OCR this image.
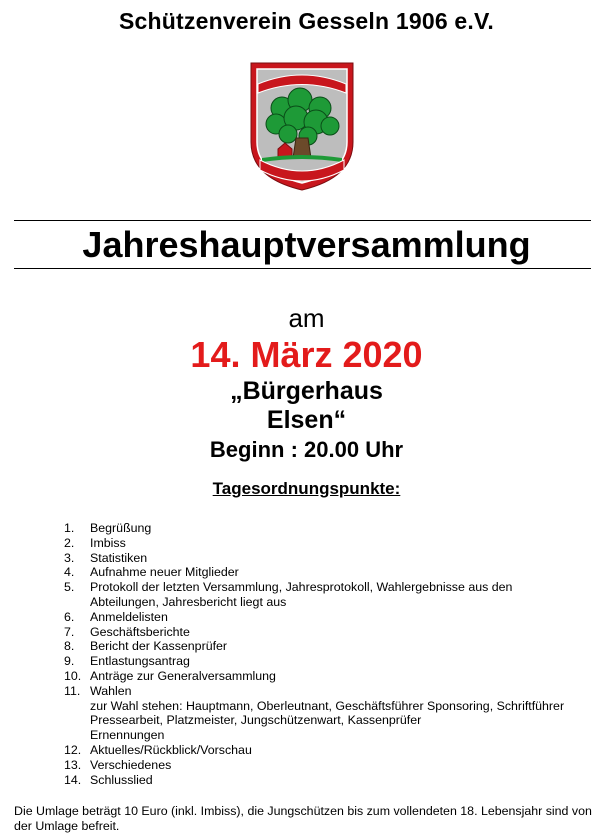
Schützenverein Gesseln 1906 e.V.
Jahreshauptversammlung
am
14. März 2020
„Bürgerhaus
Elsen“
Beginn : 20.00 Uhr
Tagesordnungspunkte:
1.	Begrüßung
2.	Imbiss
3.	Statistiken
4.	Aufnahme neuer Mitglieder
5.	Protokoll der letzten Versammlung, Jahresprotokoll, Wahlergebnisse aus den
Abteilungen, Jahresbericht liegt aus
6.	Anmeldelisten
7.	Geschäftsberichte
8.	Bericht der Kassenprüfer
9.	Entlastungsantrag
10. Anträge zur Generalversammlung
11. Wahlen
zur Wahl stehen: Hauptmann, Oberleutnant, Geschäftsführer Sponsoring, Schriftführer
Pressearbeit, Platzmeister, Jungschützenwart, Kassenprüfer
Ernennungen
12. Aktuelles/Rückblick/Vorschau
13. Verschiedenes
14. Schlusslied
Die Umlage beträgt 10 Euro (inkl. Imbiss), die Jungschützen bis zum vollendeten 18. Lebensjahr sind von der Umlage befreit.
